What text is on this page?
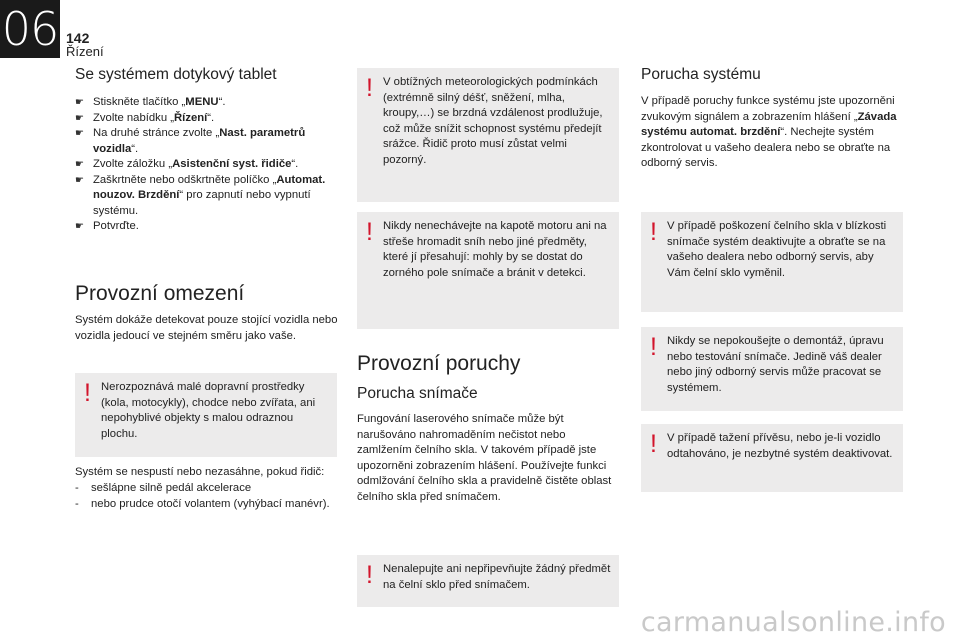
06 142
Řízení
Se systémem dotykový tablet
☛ Stiskněte tlačítko „MENU“.
☛ Zvolte nabídku „Řízení“.
☛ Na druhé stránce zvolte „Nast. parametrů vozidla“.
☛ Zvolte záložku „Asistenční syst. řidiče“.
☛ Zaškrtněte nebo odškrtněte políčko „Automat. nouzov. Brzdění“ pro zapnutí nebo vypnutí systému.
☛ Potvrďte.
Provozní omezení
Systém dokáže detekovat pouze stojící vozidla nebo vozidla jedoucí ve stejném směru jako vaše.
! Nerozpoznává malé dopravní prostředky (kola, motocykly), chodce nebo zvířata, ani nepohyblivé objekty s malou odraznou plochu.
Systém se nespustí nebo nezasáhne, pokud řidič:
- sešlápne silně pedál akcelerace
- nebo prudce otočí volantem (vyhýbací manévr).
! V obtížných meteorologických podmínkách (extrémně silný déšť, sněžení, mlha, kroupy,…) se brzdná vzdálenost prodlužuje, což může snížit schopnost systému předejít srážce. Řidič proto musí zůstat velmi pozorný.
! Nikdy nenechávejte na kapotě motoru ani na střeše hromadit sníh nebo jiné předměty, které jí přesahují: mohly by se dostat do zorného pole snímače a bránit v detekci.
Provozní poruchy
Porucha snímače
Fungování laserového snímače může být narušováno nahromaděním nečistot nebo zamlžením čelního skla. V takovém případě jste upozorněni zobrazením hlášení. Používejte funkci odmlžování čelního skla a pravidelně čistěte oblast čelního skla před snímačem.
! Nenalepujte ani nepřipevňujte žádný předmět na čelní sklo před snímačem.
Porucha systému
V případě poruchy funkce systému jste upozorněni zvukovým signálem a zobrazením hlášení „Závada systému automat. brzdění“. Nechejte systém zkontrolovat u vašeho dealera nebo se obraťte na odborný servis.
! V případě poškození čelního skla v blízkosti snímače systém deaktivujte a obraťte se na vašeho dealera nebo odborný servis, aby Vám čelní sklo vyměnil.
! Nikdy se nepokoušejte o demontáž, úpravu nebo testování snímače. Jedině váš dealer nebo jiný odborný servis může pracovat se systémem.
! V případě tažení přívěsu, nebo je-li vozidlo odtahováno, je nezbytné systém deaktivovat.
carmanualsonline.info
